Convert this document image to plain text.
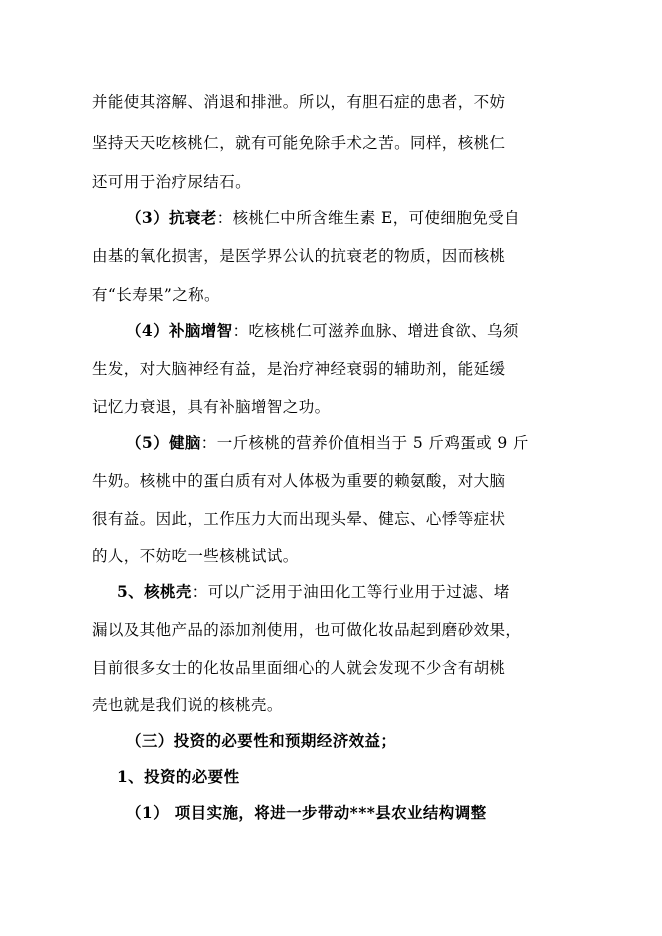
并能使其溶解、消退和排泄。所以，有胆石症的患者，不妨
坚持天天吃核桃仁，就有可能免除手术之苦。同样，核桃仁
还可用于治疗尿结石。
（3）抗衰老：核桃仁中所含维生素 E，可使细胞免受自
由基的氧化损害，是医学界公认的抗衰老的物质，因而核桃
有“长寿果”之称。
（4）补脑增智：吃核桃仁可滋养血脉、增进食欲、乌须
生发，对大脑神经有益，是治疗神经衰弱的辅助剂，能延缓
记忆力衰退，具有补脑增智之功。
（5）健脑：一斤核桃的营养价值相当于 5 斤鸡蛋或 9 斤
牛奶。核桃中的蛋白质有对人体极为重要的赖氨酸，对大脑
很有益。因此，工作压力大而出现头晕、健忘、心悸等症状
的人，不妨吃一些核桃试试。
5、核桃壳：可以广泛用于油田化工等行业用于过滤、堵
漏以及其他产品的添加剂使用，也可做化妆品起到磨砂效果，
目前很多女士的化妆品里面细心的人就会发现不少含有胡桃
壳也就是我们说的核桃壳。
（三）投资的必要性和预期经济效益；
1、投资的必要性
（1） 项目实施，将进一步带动***县农业结构调整
